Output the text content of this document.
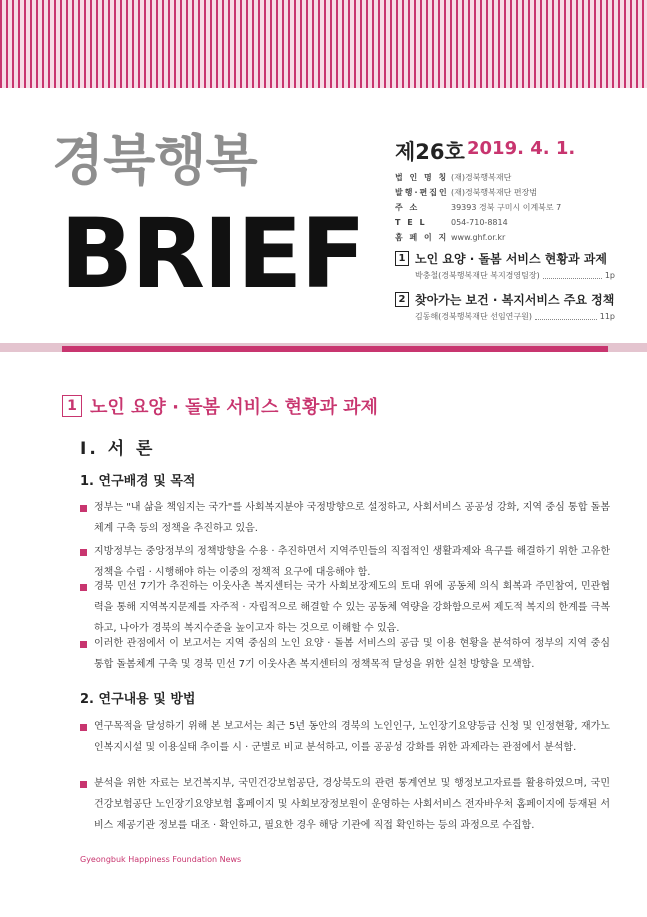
경북행복
BRIEF
제26호 2019. 4. 1.
법 인 명 칭 (재)경북행복재단
발행·편집인 (재)경북행복재단 편장범
주 소	39393 경북 구미시 이계북로 7
T E L	054-710-8814
홈 페 이 지 www.ghf.or.kr
1 노인 요양 · 돌봄 서비스 현황과 과제
박충철(경북행복재단 복지경영팀장)	1p
2 찾아가는 보건 · 복지서비스 주요 정책
김동해(경북행복재단 선임연구원)	11p
1 노인 요양 · 돌봄 서비스 현황과 과제
Ⅰ. 서 론
1. 연구배경 및 목적
정부는 "내 삶을 책임지는 국가"를 사회복지분야 국정방향으로 설정하고, 사회서비스 공공성 강화, 지역 중심 통합 돌봄 체계 구축 등의 정책을 추진하고 있음.
지방정부는 중앙정부의 정책방향을 수용 · 추진하면서 지역주민들의 직접적인 생활과제와 욕구를 해결하기 위한 고유한 정책을 수립 · 시행해야 하는 이중의 정책적 요구에 대응해야 함.
경북 민선 7기가 추진하는 이웃사촌 복지센터는 국가 사회보장제도의 토대 위에 공동체 의식 회복과 주민참여, 민관협력을 통해 지역복지문제를 자주적 · 자립적으로 해결할 수 있는 공동체 역량을 강화함으로써 제도적 복지의 한계를 극복하고, 나아가 경북의 복지수준을 높이고자 하는 것으로 이해할 수 있음.
이러한 관점에서 이 보고서는 지역 중심의 노인 요양 · 돌봄 서비스의 공급 및 이용 현황을 분석하여 정부의 지역 중심 통합 돌봄체계 구축 및 경북 민선 7기 이웃사촌 복지센터의 정책목적 달성을 위한 실천 방향을 모색함.
2. 연구내용 및 방법
연구목적을 달성하기 위해 본 보고서는 최근 5년 동안의 경북의 노인인구, 노인장기요양등급 신청 및 인정현황, 재가노인복지시설 및 이용실태 추이를 시 · 군별로 비교 분석하고, 이를 공공성 강화를 위한 과제라는 관점에서 분석함.
분석을 위한 자료는 보건복지부, 국민건강보험공단, 경상북도의 관련 통계연보 및 행정보고자료를 활용하였으며, 국민건강보험공단 노인장기요양보험 홈페이지 및 사회보장정보원이 운영하는 사회서비스 전자바우처 홈페이지에 등재된 서비스 제공기관 정보를 대조 · 확인하고, 필요한 경우 해당 기관에 직접 확인하는 등의 과정으로 수집함.
Gyeongbuk Happiness Foundation News
